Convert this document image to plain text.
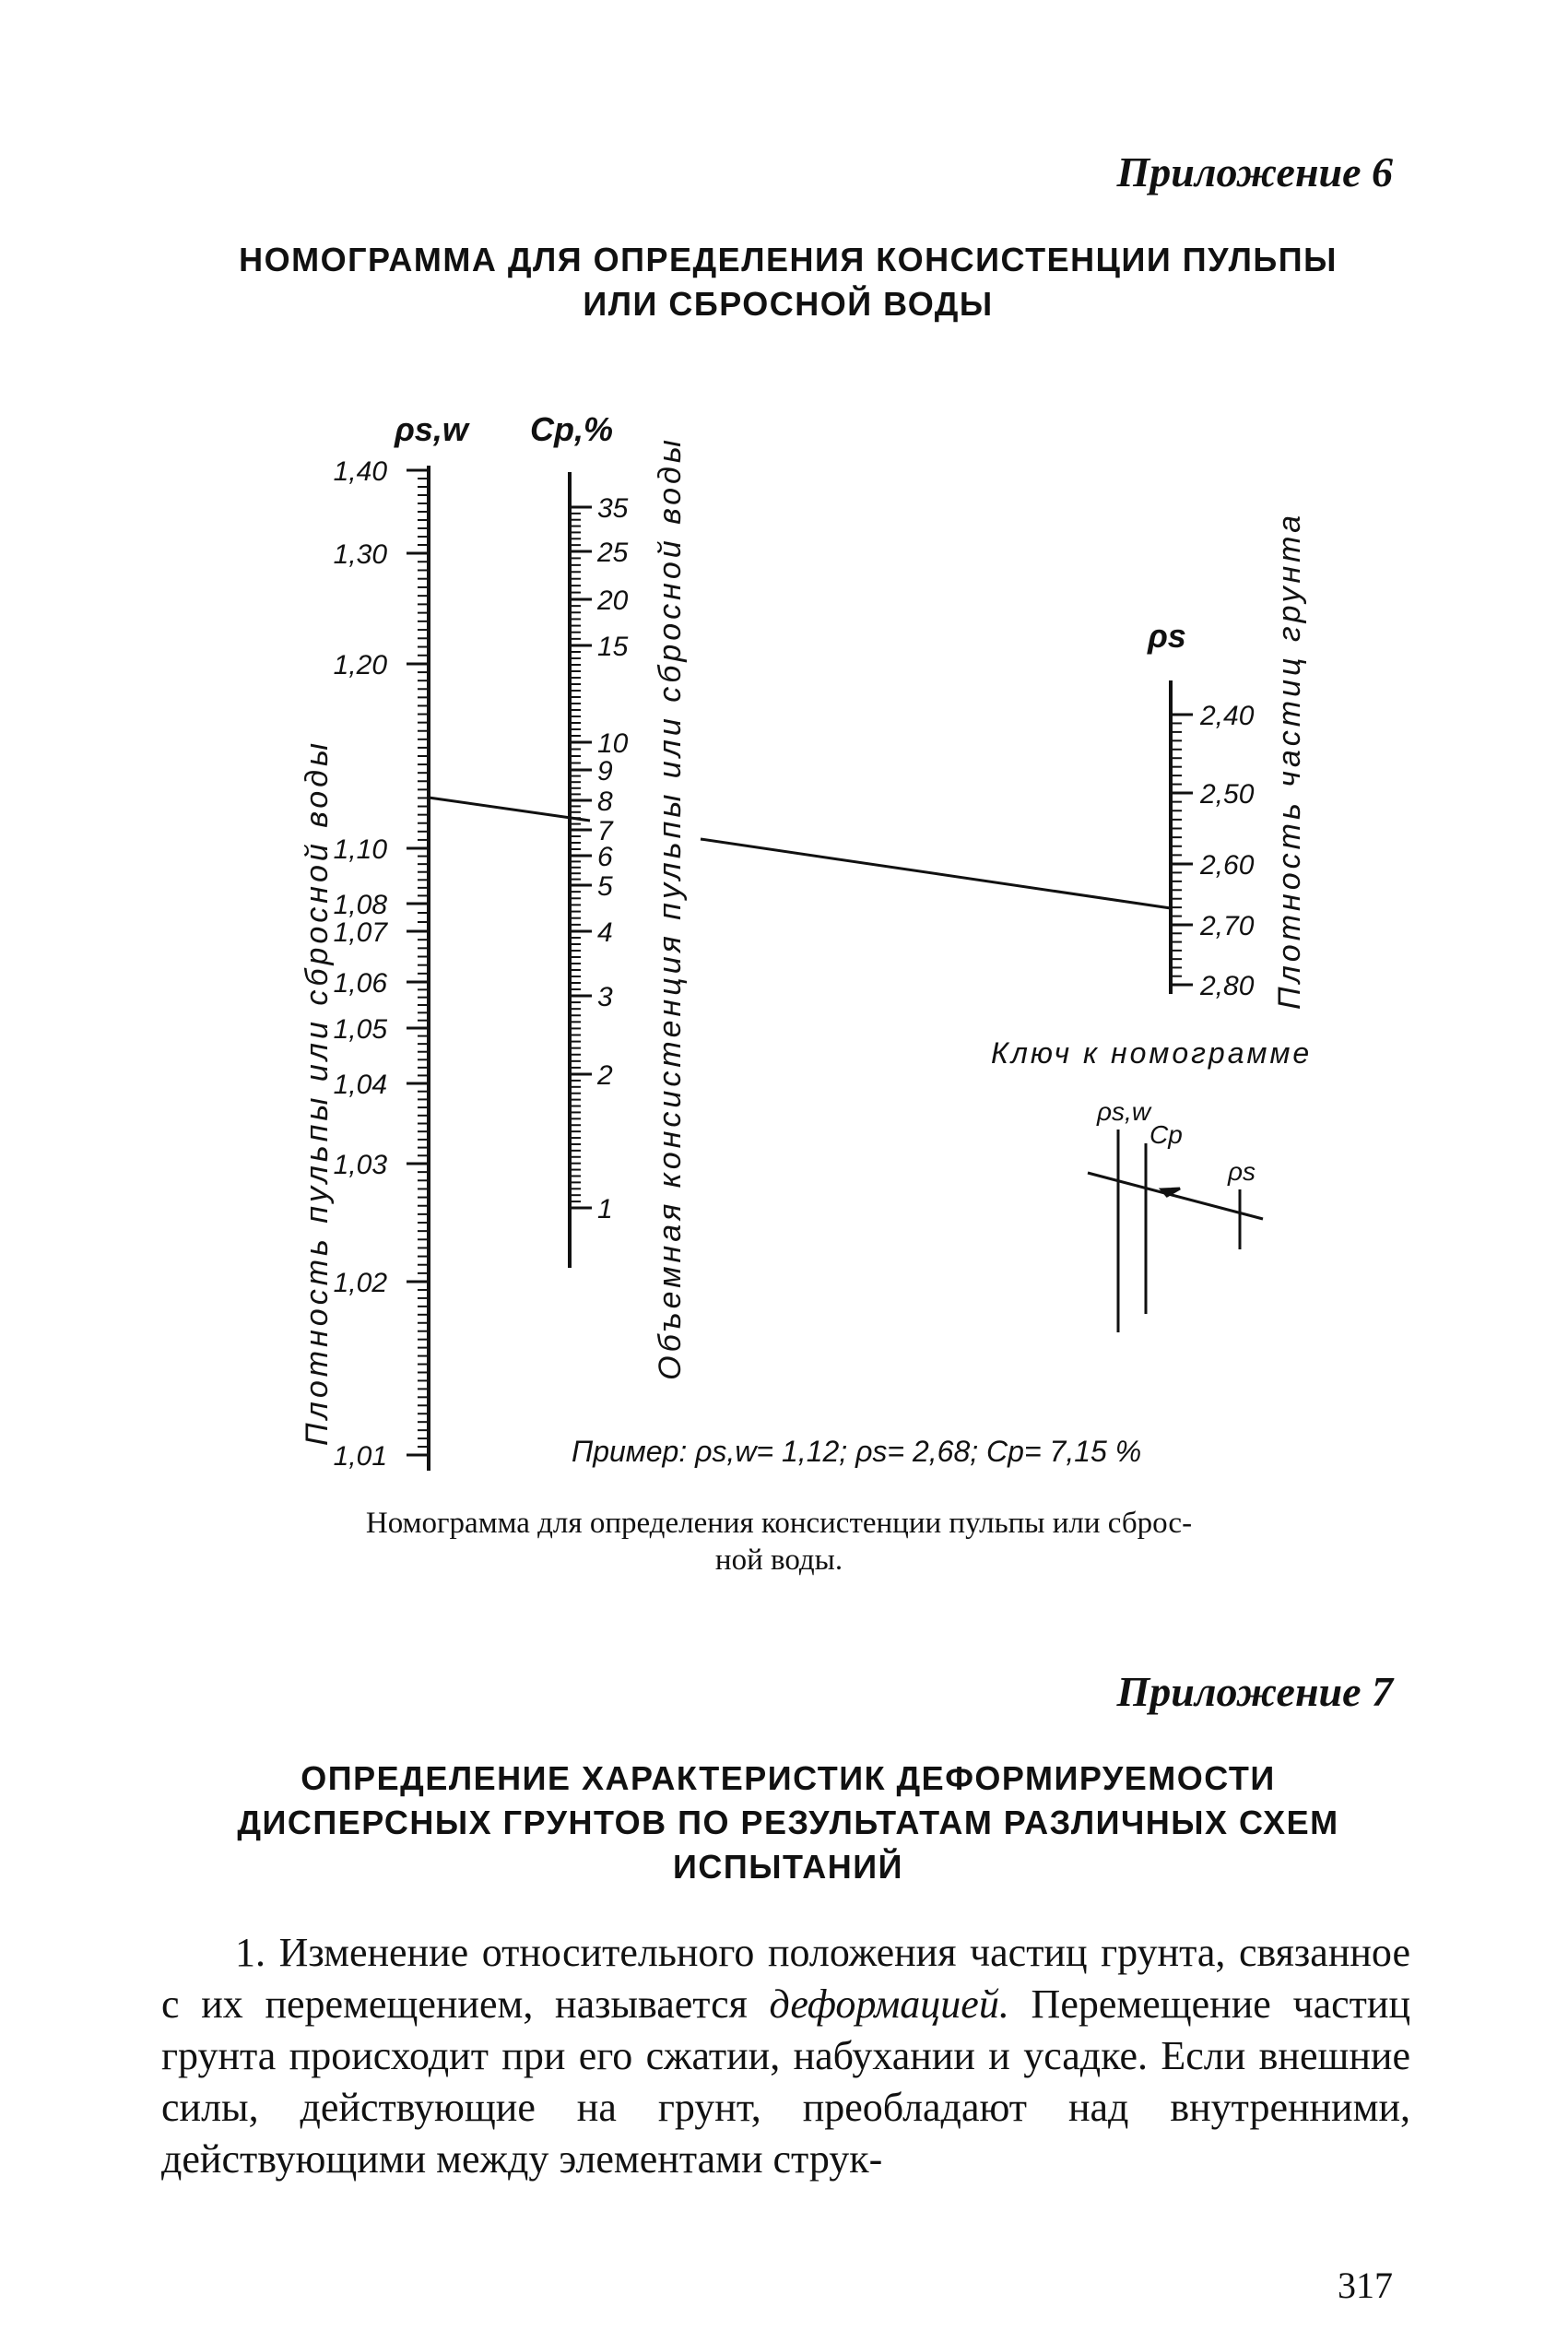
Приложение 6
НОМОГРАММА ДЛЯ ОПРЕДЕЛЕНИЯ КОНСИСТЕНЦИИ ПУЛЬПЫ
ИЛИ СБРОСНОЙ ВОДЫ
1,40
1,30
1,20
1,10
1,08
1,07
1,06
1,05
1,04
1,03
1,02
1,01
35
25
20
15
10
9
8
7
6
5
4
3
2
1
2,40
2,50
2,60
2,70
2,80
ρs,w Cp,%
ρs
Плотность пульпы или сбросной воды	Объемная консистенция пульпы или сбросной воды	Плотность частиц грунта
Ключ к номограмме
ρs,w
Cp
ρs
Пример: ρs,w= 1,12; ρs= 2,68; Cp= 7,15 %
Номограмма для определения консистенции пульпы или сброс-
ной воды.
Приложение 7
ОПРЕДЕЛЕНИЕ ХАРАКТЕРИСТИК ДЕФОРМИРУЕМОСТИ
ДИСПЕРСНЫХ ГРУНТОВ ПО РЕЗУЛЬТАТАМ РАЗЛИЧНЫХ СХЕМ
ИСПЫТАНИЙ

1. Изменение относительного положения частиц грунта, связанное с их перемещением, называется деформацией. Перемещение частиц грунта происходит при его сжатии, набухании и усадке. Если внешние силы, действующие на грунт, преобладают над внутренними, действующими между элементами струк-

317
